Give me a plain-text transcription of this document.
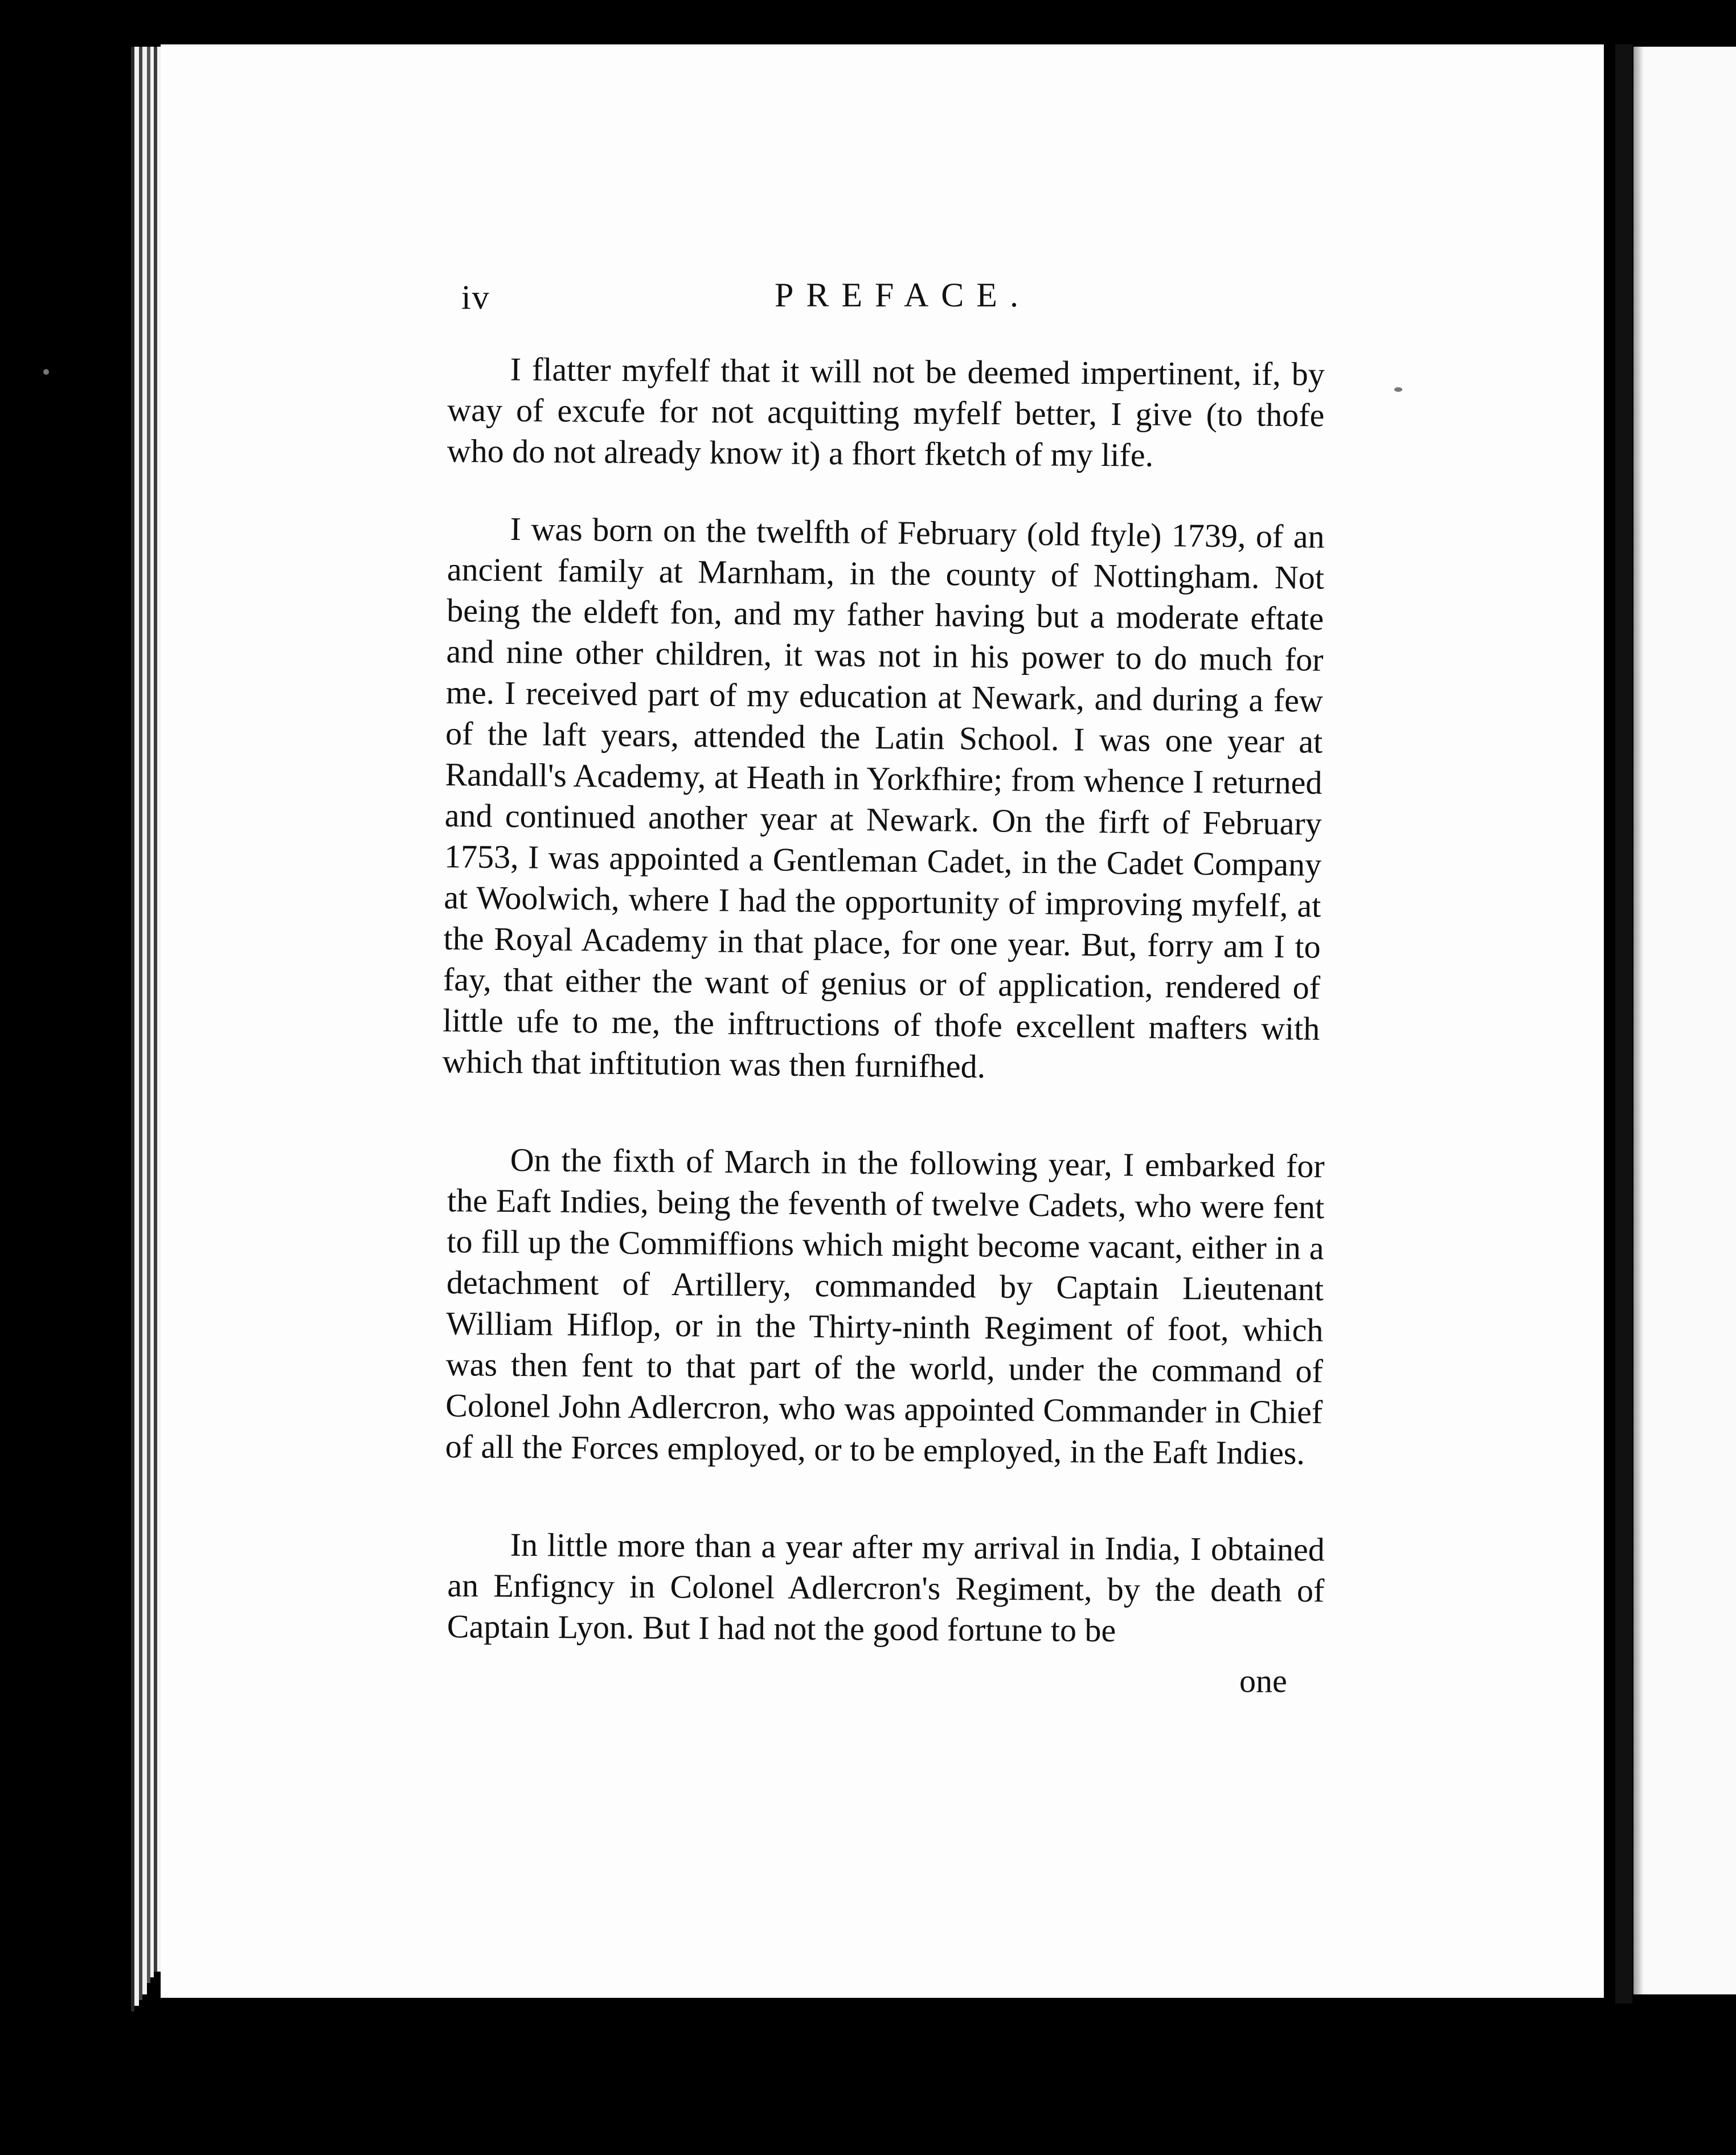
iv	PREFACE.

I flatter myfelf that it will not be deemed impertinent, if, by way of excufe for not acquitting myfelf better, I give (to thofe who do not already know it) a fhort fketch of my life.

I was born on the twelfth of February (old ftyle) 1739, of an ancient family at Marnham, in the county of Nottingham. Not being the eldeft fon, and my father having but a moderate eftate and nine other children, it was not in his power to do much for me. I received part of my education at Newark, and during a few of the laft years, attended the Latin School. I was one year at Randall's Academy, at Heath in Yorkfhire; from whence I returned and continued another year at Newark. On the firft of February 1753, I was appointed a Gentleman Cadet, in the Cadet Company at Woolwich, where I had the opportunity of improving myfelf, at the Royal Academy in that place, for one year. But, forry am I to fay, that either the want of genius or of application, rendered of little ufe to me, the inftructions of thofe excellent mafters with which that inftitution was then furnifhed.

On the fixth of March in the following year, I embarked for the Eaft Indies, being the feventh of twelve Cadets, who were fent to fill up the Commiffions which might become vacant, either in a detachment of Artillery, commanded by Captain Lieutenant William Hiflop, or in the Thirty-ninth Regiment of foot, which was then fent to that part of the world, under the command of Colonel John Adlercron, who was appointed Commander in Chief of all the Forces employed, or to be employed, in the Eaft Indies.

In little more than a year after my arrival in India, I obtained an Enfigncy in Colonel Adlercron's Regiment, by the death of Captain Lyon. But I had not the good fortune to be

one
